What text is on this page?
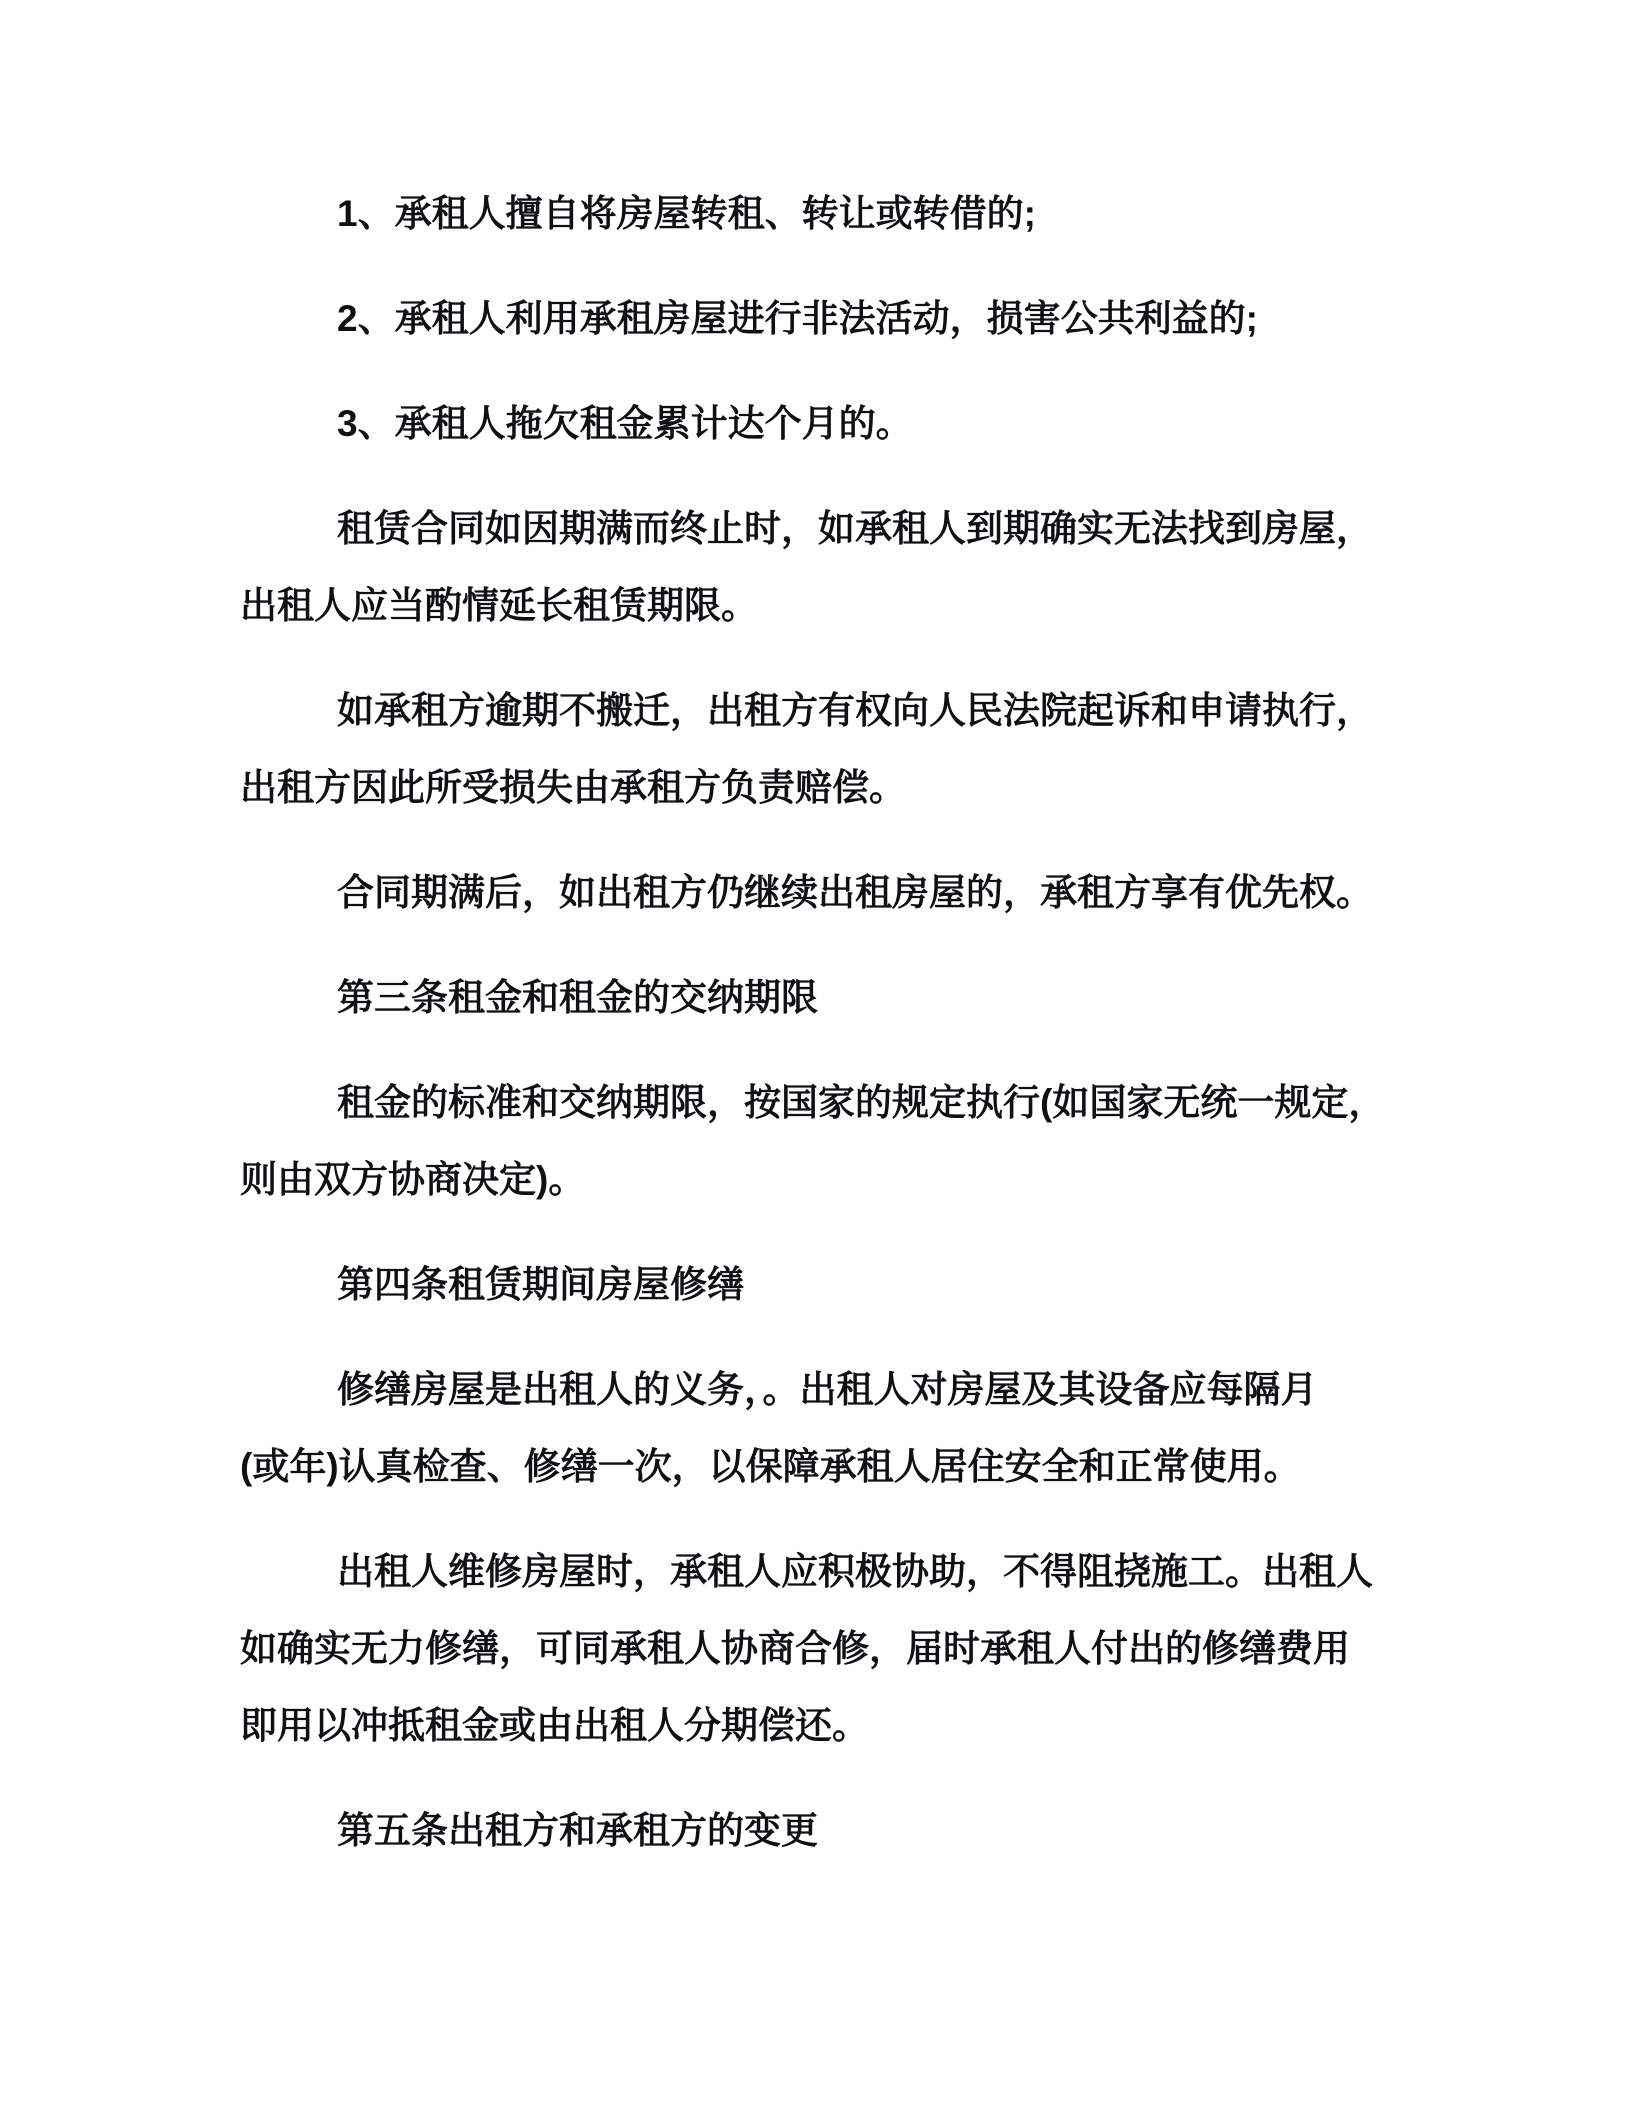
1、承租人擅自将房屋转租、转让或转借的;
2、承租人利用承租房屋进行非法活动，损害公共利益的;
3、承租人拖欠租金累计达个月的。
租赁合同如因期满而终止时，如承租人到期确实无法找到房屋，
出租人应当酌情延长租赁期限。
如承租方逾期不搬迁，出租方有权向人民法院起诉和申请执行，
出租方因此所受损失由承租方负责赔偿。
合同期满后，如出租方仍继续出租房屋的，承租方享有优先权。
第三条租金和租金的交纳期限
租金的标准和交纳期限，按国家的规定执行(如国家无统一规定，
则由双方协商决定)。
第四条租赁期间房屋修缮
修缮房屋是出租人的义务，。出租人对房屋及其设备应每隔月
(或年)认真检查、修缮一次，以保障承租人居住安全和正常使用。
出租人维修房屋时，承租人应积极协助，不得阻挠施工。出租人
如确实无力修缮，可同承租人协商合修，届时承租人付出的修缮费用
即用以冲抵租金或由出租人分期偿还。
第五条出租方和承租方的变更
